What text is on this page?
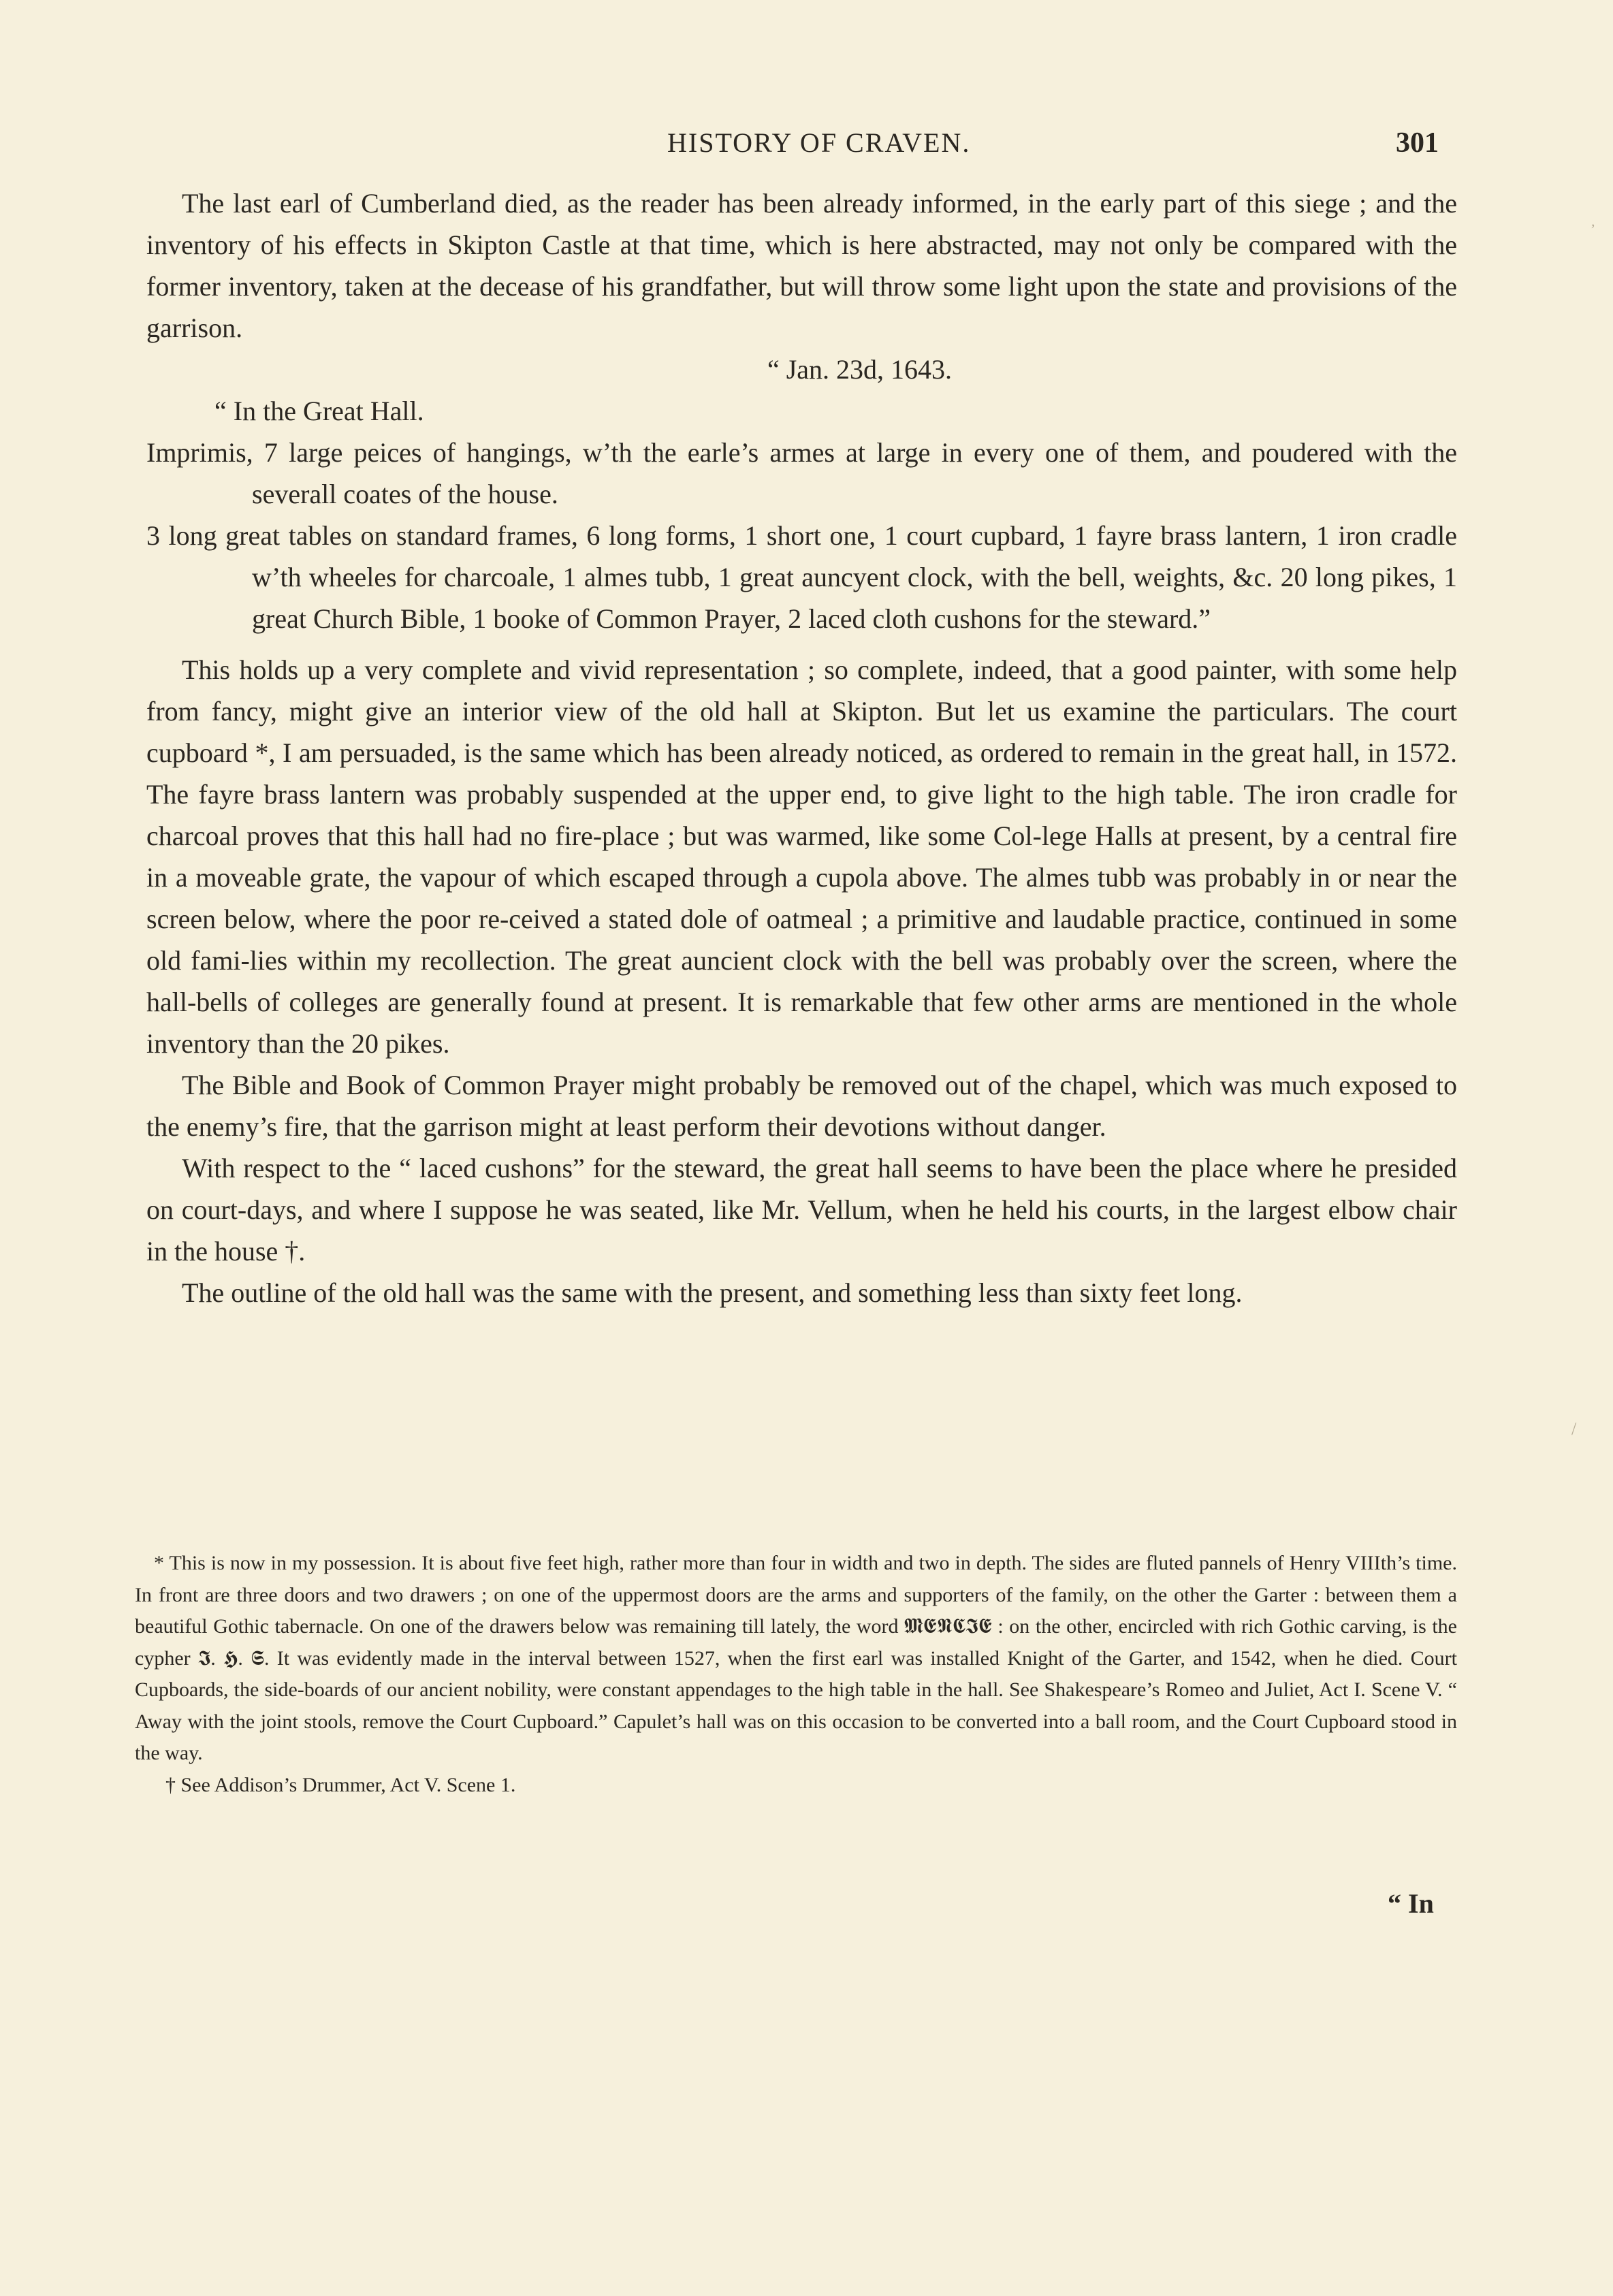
HISTORY OF CRAVEN.	301

The last earl of Cumberland died, as the reader has been already informed, in the early part of this siege ; and the inventory of his effects in Skipton Castle at that time, which is here abstracted, may not only be compared with the former inventory, taken at the decease of his grandfather, but will throw some light upon the state and provisions of the garrison.

“ Jan. 23d, 1643.

“ In the Great Hall.

Imprimis, 7 large peices of hangings, w’th the earle’s armes at large in every one of them, and poudered with the severall coates of the house.

3 long great tables on standard frames, 6 long forms, 1 short one, 1 court cupbard, 1 fayre brass lantern, 1 iron cradle w’th wheeles for charcoale, 1 almes tubb, 1 great auncyent clock, with the bell, weights, &c. 20 long pikes, 1 great Church Bible, 1 booke of Common Prayer, 2 laced cloth cushons for the steward.”

This holds up a very complete and vivid representation ; so complete, indeed, that a good painter, with some help from fancy, might give an interior view of the old hall at Skipton. But let us examine the particulars. The court cupboard *, I am persuaded, is the same which has been already noticed, as ordered to remain in the great hall, in 1572. The fayre brass lantern was probably suspended at the upper end, to give light to the high table. The iron cradle for charcoal proves that this hall had no fire-place ; but was warmed, like some Col-lege Halls at present, by a central fire in a moveable grate, the vapour of which escaped through a cupola above. The almes tubb was probably in or near the screen below, where the poor re-ceived a stated dole of oatmeal ; a primitive and laudable practice, continued in some old fami-lies within my recollection. The great auncient clock with the bell was probably over the screen, where the hall-bells of colleges are generally found at present. It is remarkable that few other arms are mentioned in the whole inventory than the 20 pikes.

The Bible and Book of Common Prayer might probably be removed out of the chapel, which was much exposed to the enemy’s fire, that the garrison might at least perform their devotions without danger.

With respect to the “ laced cushons” for the steward, the great hall seems to have been the place where he presided on court-days, and where I suppose he was seated, like Mr. Vellum, when he held his courts, in the largest elbow chair in the house †.

The outline of the old hall was the same with the present, and something less than sixty feet long.

* This is now in my possession. It is about five feet high, rather more than four in width and two in depth. The sides are fluted pannels of Henry VIIIth’s time. In front are three doors and two drawers ; on one of the uppermost doors are the arms and supporters of the family, on the other the Garter : between them a beautiful Gothic tabernacle. On one of the drawers below was remaining till lately, the word 𝕸𝕰𝕹𝕮𝕴𝕰 : on the other, encircled with rich Gothic carving, is the cypher 𝕴. 𝕳. 𝕾. It was evidently made in the interval between 1527, when the first earl was installed Knight of the Garter, and 1542, when he died. Court Cupboards, the side-boards of our ancient nobility, were constant appendages to the high table in the hall. See Shakespeare’s Romeo and Juliet, Act I. Scene V. “ Away with the joint stools, remove the Court Cupboard.” Capulet’s hall was on this occasion to be converted into a ball room, and the Court Cupboard stood in the way.

† See Addison’s Drummer, Act V. Scene 1.

“ In
,
/
